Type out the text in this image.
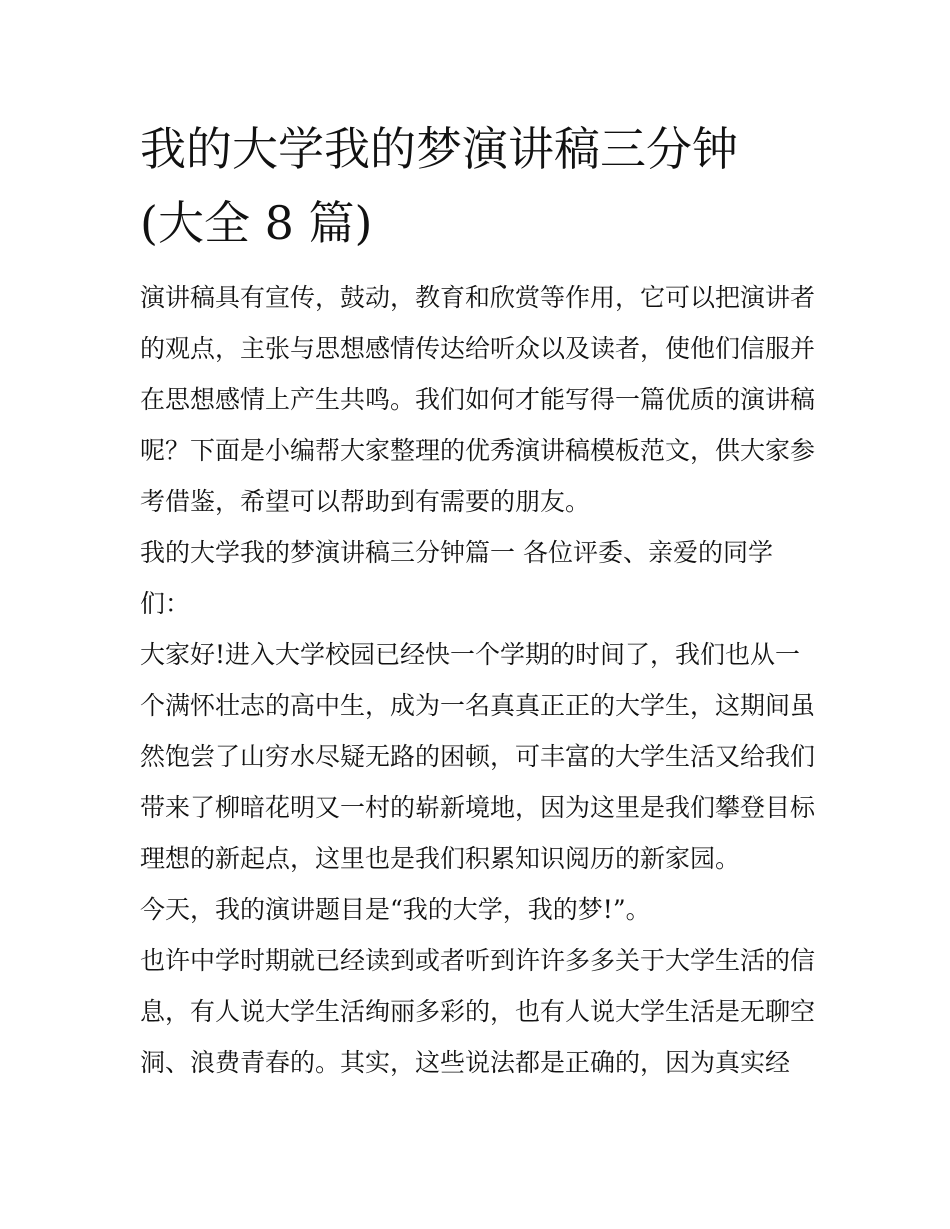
我的大学我的梦演讲稿三分钟
(大全 8 篇)
演讲稿具有宣传，鼓动，教育和欣赏等作用，它可以把演讲者
的观点，主张与思想感情传达给听众以及读者，使他们信服并
在思想感情上产生共鸣。我们如何才能写得一篇优质的演讲稿
呢？下面是小编帮大家整理的优秀演讲稿模板范文，供大家参
考借鉴，希望可以帮助到有需要的朋友。
我的大学我的梦演讲稿三分钟篇一 各位评委、亲爱的同学
们：
大家好!进入大学校园已经快一个学期的时间了，我们也从一
个满怀壮志的高中生，成为一名真真正正的大学生，这期间虽
然饱尝了山穷水尽疑无路的困顿，可丰富的大学生活又给我们
带来了柳暗花明又一村的崭新境地，因为这里是我们攀登目标
理想的新起点，这里也是我们积累知识阅历的新家园。
今天，我的演讲题目是“我的大学，我的梦!”。
也许中学时期就已经读到或者听到许许多多关于大学生活的信
息，有人说大学生活绚丽多彩的，也有人说大学生活是无聊空
洞、浪费青春的。其实，这些说法都是正确的，因为真实经
